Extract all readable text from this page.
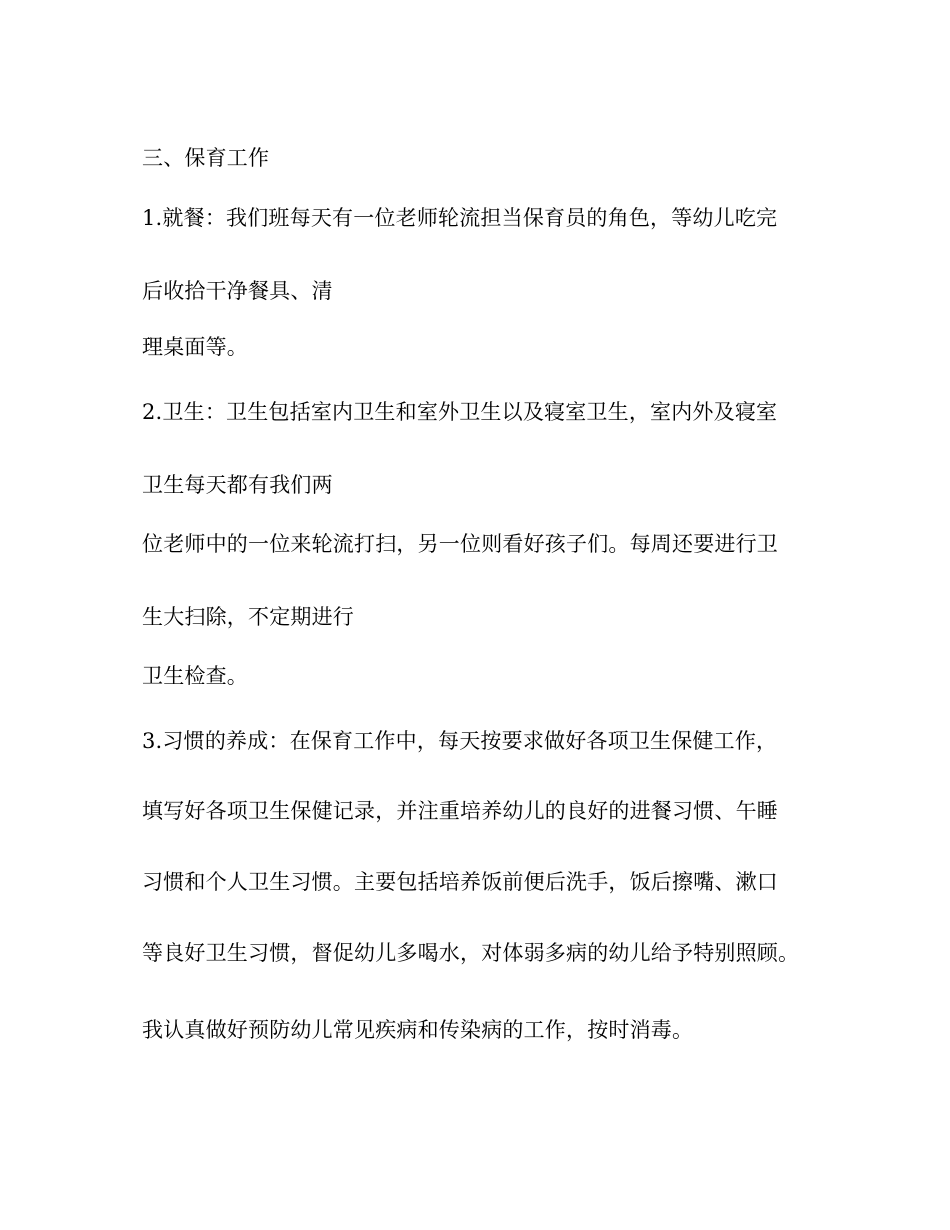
三、保育工作
1.就餐：我们班每天有一位老师轮流担当保育员的角色，等幼儿吃完
后收拾干净餐具、清
理桌面等。
2.卫生：卫生包括室内卫生和室外卫生以及寝室卫生，室内外及寝室
卫生每天都有我们两
位老师中的一位来轮流打扫，另一位则看好孩子们。每周还要进行卫
生大扫除，不定期进行
卫生检查。
3.习惯的养成：在保育工作中，每天按要求做好各项卫生保健工作，
填写好各项卫生保健记录，并注重培养幼儿的良好的进餐习惯、午睡
习惯和个人卫生习惯。主要包括培养饭前便后洗手，饭后擦嘴、漱口
等良好卫生习惯，督促幼儿多喝水，对体弱多病的幼儿给予特别照顾。
我认真做好预防幼儿常见疾病和传染病的工作，按时消毒。
